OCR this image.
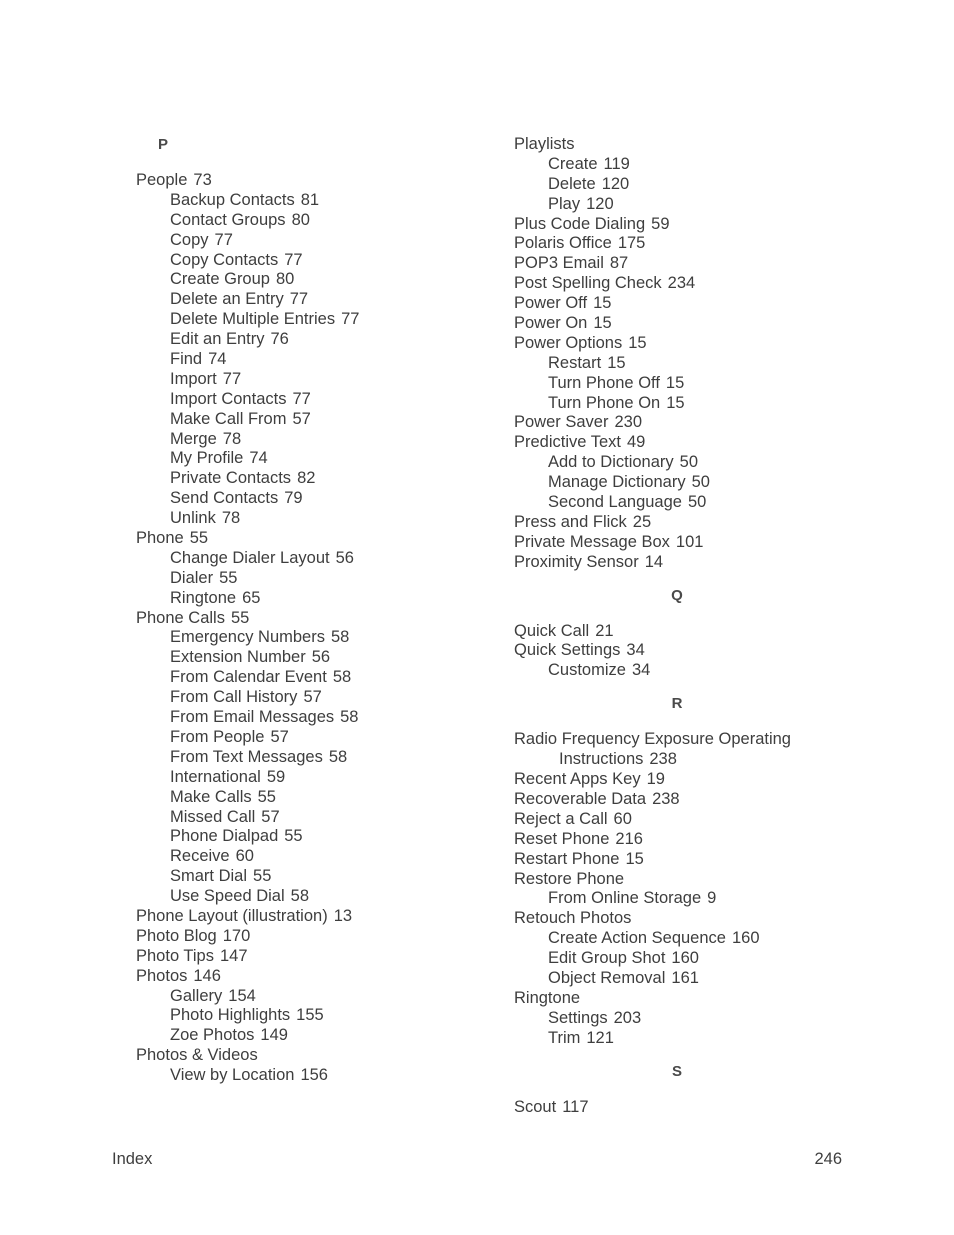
P
People 73
Backup Contacts 81
Contact Groups 80
Copy 77
Copy Contacts 77
Create Group 80
Delete an Entry 77
Delete Multiple Entries 77
Edit an Entry 76
Find 74
Import 77
Import Contacts 77
Make Call From 57
Merge 78
My Profile 74
Private Contacts 82
Send Contacts 79
Unlink 78
Phone 55
Change Dialer Layout 56
Dialer 55
Ringtone 65
Phone Calls 55
Emergency Numbers 58
Extension Number 56
From Calendar Event 58
From Call History 57
From Email Messages 58
From People 57
From Text Messages 58
International 59
Make Calls 55
Missed Call 57
Phone Dialpad 55
Receive 60
Smart Dial 55
Use Speed Dial 58
Phone Layout (illustration) 13
Photo Blog 170
Photo Tips 147
Photos 146
Gallery 154
Photo Highlights 155
Zoe Photos 149
Photos & Videos
View by Location 156
Playlists
Create 119
Delete 120
Play 120
Plus Code Dialing 59
Polaris Office 175
POP3 Email 87
Post Spelling Check 234
Power Off 15
Power On 15
Power Options 15
Restart 15
Turn Phone Off 15
Turn Phone On 15
Power Saver 230
Predictive Text 49
Add to Dictionary 50
Manage Dictionary 50
Second Language 50
Press and Flick 25
Private Message Box 101
Proximity Sensor 14
Q
Quick Call 21
Quick Settings 34
Customize 34
R
Radio Frequency Exposure Operating
Instructions 238
Recent Apps Key 19
Recoverable Data 238
Reject a Call 60
Reset Phone 216
Restart Phone 15
Restore Phone
From Online Storage 9
Retouch Photos
Create Action Sequence 160
Edit Group Shot 160
Object Removal 161
Ringtone
Settings 203
Trim 121
S
Scout 117
Index	246
